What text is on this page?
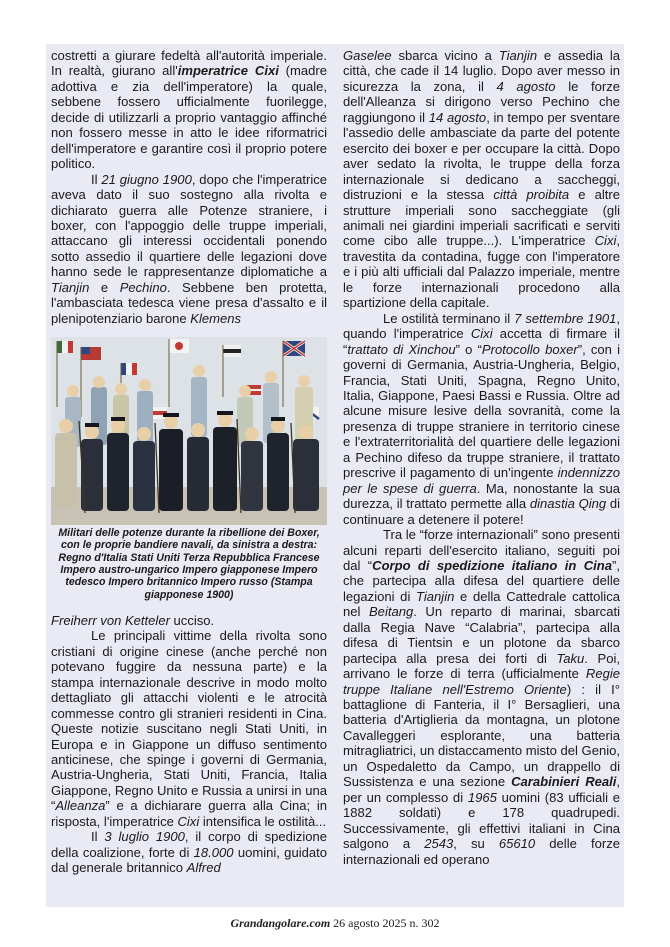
costretti a giurare fedeltà all'autorità imperiale. In realtà, giurano all'imperatrice Cixi (madre adottiva e zia dell'imperatore) la quale, sebbene fossero ufficialmente fuorilegge, decide di utilizzarli a proprio vantaggio affinché non fossero messe in atto le idee riformatrici dell'imperatore e garantire così il proprio potere politico.

Il 21 giugno 1900, dopo che l'imperatrice aveva dato il suo sostegno alla rivolta e dichiarato guerra alle Potenze straniere, i boxer, con l'appoggio delle truppe imperiali, attaccano gli interessi occidentali ponendo sotto assedio il quartiere delle legazioni dove hanno sede le rappresentanze diplomatiche a Tianjin e Pechino. Sebbene ben protetta, l'ambasciata tedesca viene presa d'assalto e il plenipotenziario barone Klemens

Militari delle potenze durante la ribellione dei Boxer, con le proprie bandiere navali, da sinistra a destra: Regno d'Italia Stati Uniti Terza Repubblica Francese Impero austro-ungarico Impero giapponese Impero tedesco Impero britannico Impero russo (Stampa giapponese 1900)

Freiherr von Ketteler ucciso.

Le principali vittime della rivolta sono cristiani di origine cinese (anche perché non potevano fuggire da nessuna parte) e la stampa internazionale descrive in modo molto dettagliato gli attacchi violenti e le atrocità commesse contro gli stranieri residenti in Cina. Queste notizie suscitano negli Stati Uniti, in Europa e in Giappone un diffuso sentimento anticinese, che spinge i governi di Germania, Austria-Ungheria, Stati Uniti, Francia, Italia Giappone, Regno Unito e Russia a unirsi in una “Alleanza” e a dichiarare guerra alla Cina; in risposta, l'imperatrice Cixi intensifica le ostilità...

Il 3 luglio 1900, il corpo di spedizione della coalizione, forte di 18.000 uomini, guidato dal generale britannico Alfred

Gaselee sbarca vicino a Tianjin e assedia la città, che cade il 14 luglio. Dopo aver messo in sicurezza la zona, il 4 agosto le forze dell'Alleanza si dirigono verso Pechino che raggiungono il 14 agosto, in tempo per sventare l'assedio delle ambasciate da parte del potente esercito dei boxer e per occupare la città. Dopo aver sedato la rivolta, le truppe della forza internazionale si dedicano a saccheggi, distruzioni e la stessa città proibita e altre strutture imperiali sono saccheggiate (gli animali nei giardini imperiali sacrificati e serviti come cibo alle truppe...). L'imperatrice Cixi, travestita da contadina, fugge con l'imperatore e i più alti ufficiali dal Palazzo imperiale, mentre le forze internazionali procedono alla spartizione della capitale.

Le ostilità terminano il 7 settembre 1901, quando l'imperatrice Cixi accetta di firmare il “trattato di Xinchou” o “Protocollo boxer”, con i governi di Germania, Austria-Ungheria, Belgio, Francia, Stati Uniti, Spagna, Regno Unito, Italia, Giappone, Paesi Bassi e Russia. Oltre ad alcune misure lesive della sovranità, come la presenza di truppe straniere in territorio cinese e l'extraterritorialità del quartiere delle legazioni a Pechino difeso da truppe straniere, il trattato prescrive il pagamento di un'ingente indennizzo per le spese di guerra. Ma, nonostante la sua durezza, il trattato permette alla dinastia Qing di continuare a detenere il potere!

Tra le “forze internazionali” sono presenti alcuni reparti dell'esercito italiano, seguiti poi dal “Corpo di spedizione italiano in Cina”, che partecipa alla difesa del quartiere delle legazioni di Tianjin e della Cattedrale cattolica nel Beitang. Un reparto di marinai, sbarcati dalla Regia Nave “Calabria”, partecipa alla difesa di Tientsin e un plotone da sbarco partecipa alla presa dei forti di Taku. Poi, arrivano le forze di terra (ufficialmente Regie truppe Italiane nell'Estremo Oriente) : il I° battaglione di Fanteria, il I° Bersaglieri, una batteria d'Artiglieria da montagna, un plotone Cavalleggeri esplorante, una batteria mitragliatrici, un distaccamento misto del Genio, un Ospedaletto da Campo, un drappello di Sussistenza e una sezione Carabinieri Reali, per un complesso di 1965 uomini (83 ufficiali e 1882 soldati) e 178 quadrupedi. Successivamente, gli effettivi italiani in Cina salgono a 2543, su 65610 delle forze internazionali ed operano

Grandangolare.com 26 agosto 2025 n. 302
